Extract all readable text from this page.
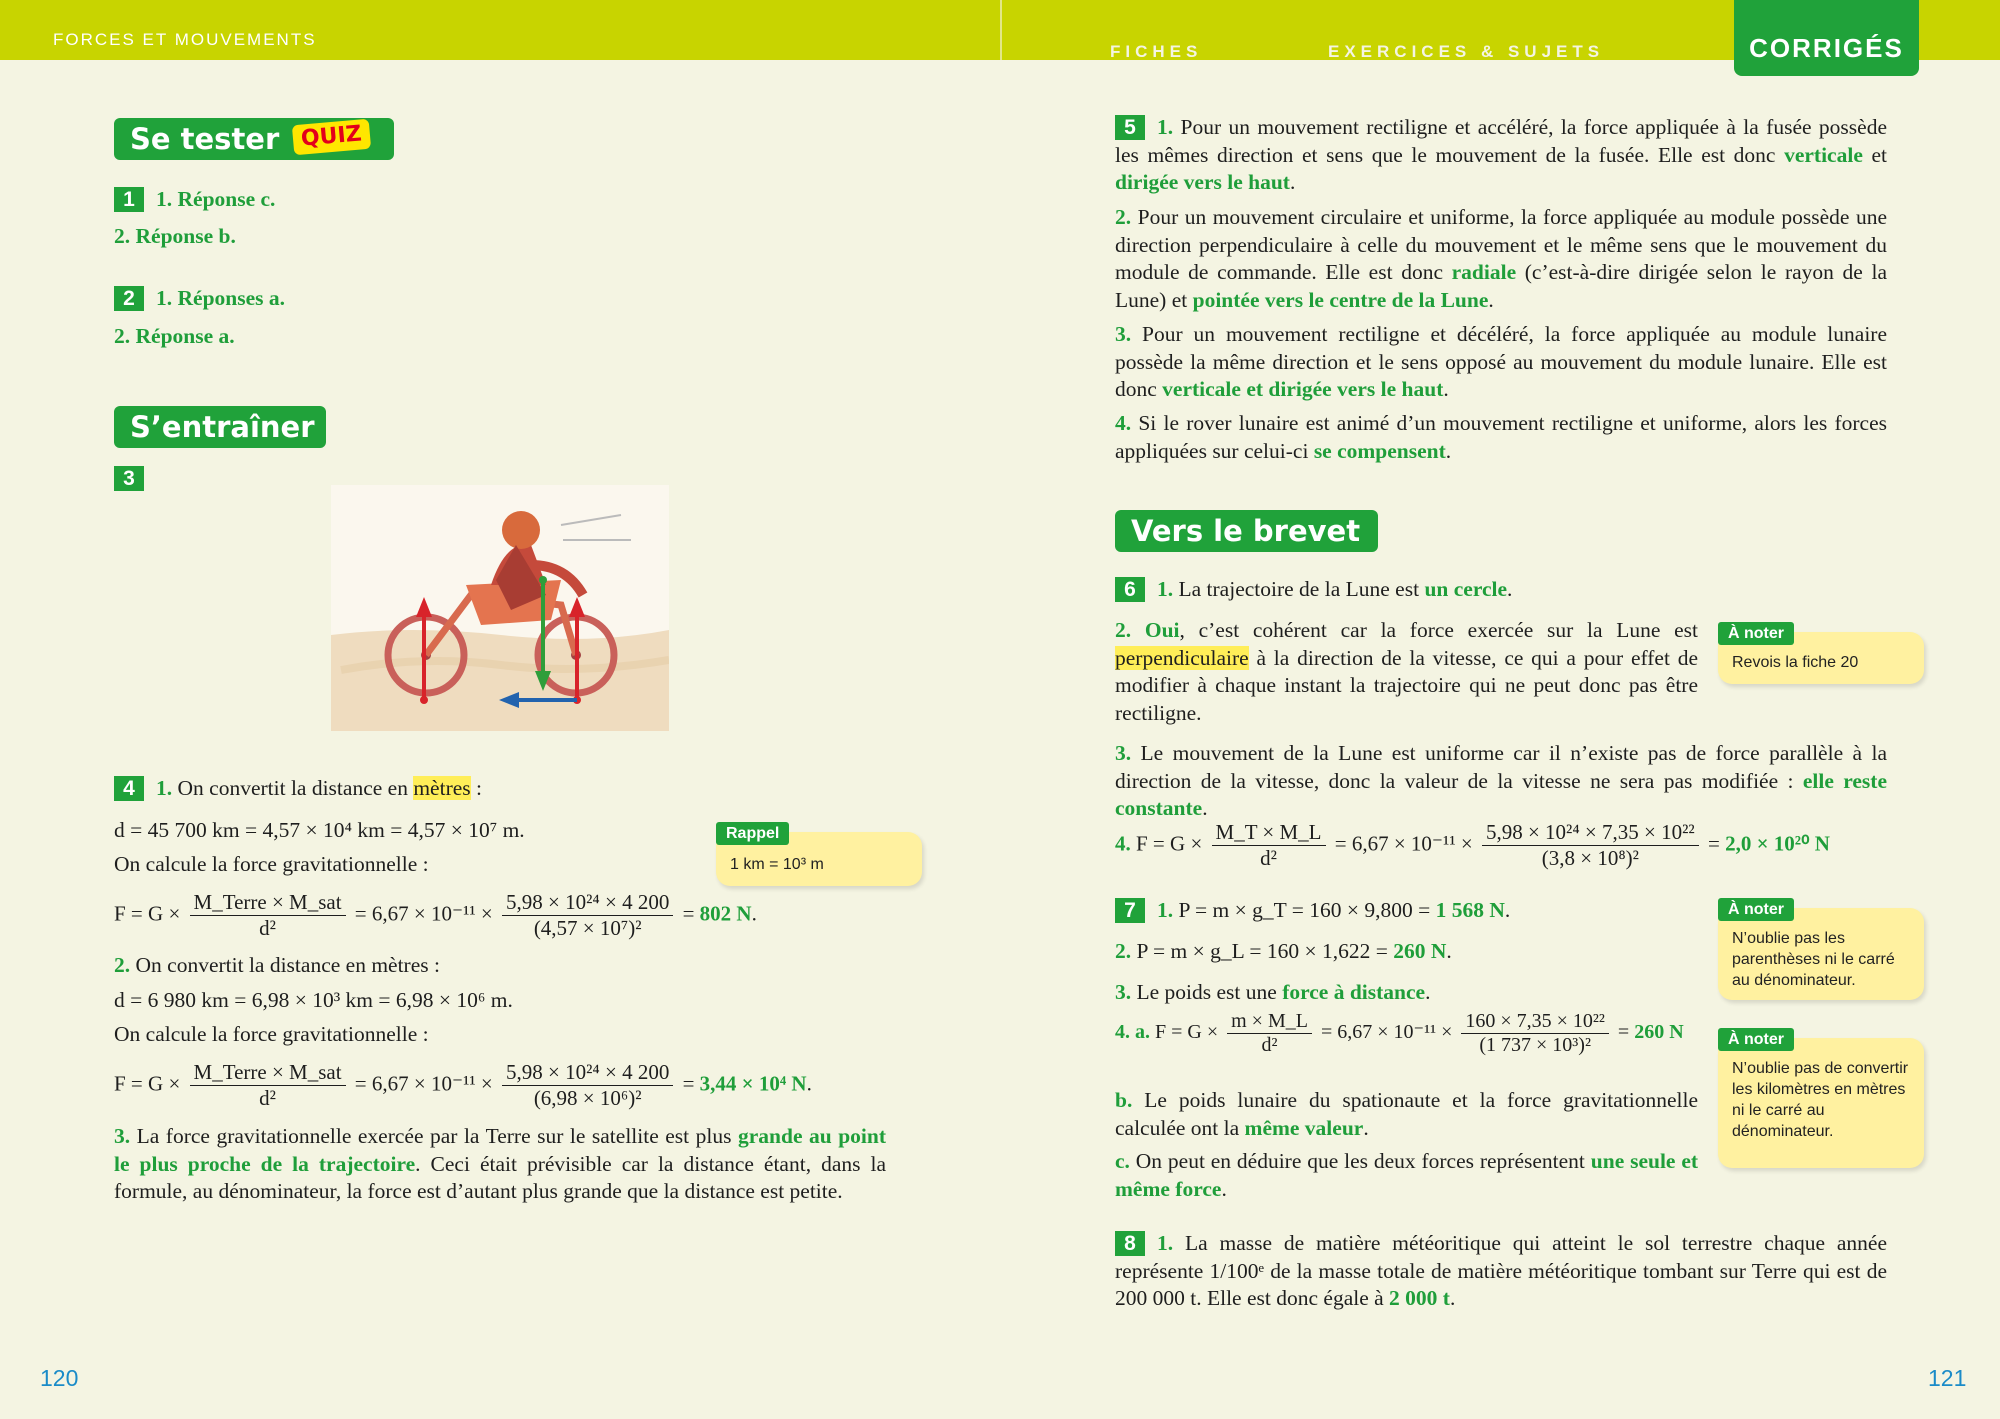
FORCES ET MOUVEMENTS
FICHES	EXERCICES & SUJETS	CORRIGÉS
Se tester QUIZ
1 1. Réponse c.
2. Réponse b.
2 1. Réponses a.
2. Réponse a.
S’entraîner
3
4 1. On convertit la distance en mètres :
d = 45 700 km = 4,57 × 10⁴ km = 4,57 × 10⁷ m.
On calcule la force gravitationnelle :
$F = G \times \frac{\text{M\_Terre × M\_sat}}{\text{d²}} = 6,67 \times 10^{-11} \times \frac{\text{5,98 × 10²⁴ × 4 200}}{\text{(4,57 × 10⁷)²}} = 802$ N.
2. On convertit la distance en mètres :
d = 6 980 km = 6,98 × 10³ km = 6,98 × 10⁶ m.
On calcule la force gravitationnelle :
$F = G \times \frac{\text{M\_Terre × M\_sat}}{\text{d²}} = 6,67 \times 10^{-11} \times \frac{\text{5,98 × 10²⁴ × 4 200}}{\text{(6,98 × 10⁶)²}} = 3,44 \times 10^4$ N.
3. La force gravitationnelle exercée par la Terre sur le satellite est plus grande au point le plus proche de la trajectoire. Ceci était prévisible car la distance étant, dans la formule, au dénominateur, la force est d’autant plus grande que la distance est petite.
Rappel
1 km = 10³ m
120
5 1. Pour un mouvement rectiligne et accéléré, la force appliquée à la fusée possède les mêmes direction et sens que le mouvement de la fusée. Elle est donc verticale et dirigée vers le haut.
2. Pour un mouvement circulaire et uniforme, la force appliquée au module possède une direction perpendiculaire à celle du mouvement et le même sens que le mouvement du module de commande. Elle est donc radiale (c’est-à-dire dirigée selon le rayon de la Lune) et pointée vers le centre de la Lune.
3. Pour un mouvement rectiligne et décéléré, la force appliquée au module lunaire possède la même direction et le sens opposé au mouvement du module lunaire. Elle est donc verticale et dirigée vers le haut.
4. Si le rover lunaire est animé d’un mouvement rectiligne et uniforme, alors les forces appliquées sur celui-ci se compensent.
Vers le brevet
6 1. La trajectoire de la Lune est un cercle.
2. Oui, c’est cohérent car la force exercée sur la Lune est perpendiculaire à la direction de la vitesse, ce qui a pour effet de modifier à chaque instant la trajectoire qui ne peut donc pas être rectiligne.
3. Le mouvement de la Lune est uniforme car il n’existe pas de force parallèle à la direction de la vitesse, donc la valeur de la vitesse ne sera pas modifiée : elle reste constante.
4. $F = G \times \frac{M\_T \times M\_L}{\text{d²}} = 6,67 \times 10^{-11} \times \frac{\text{5,98 × 10²⁴ × 7,35 × 10²²}}{\text{(3,8 × 10⁸)²}} = 2,0 \times 10^{20}$ N
7 1. P = m × g_T = 160 × 9,800 = 1 568 N.
2. P = m × g_L = 160 × 1,622 = 260 N.
3. Le poids est une force à distance.
4. a. $F = G \times \frac{m \times M\_L}{\text{d²}} = 6,67 \times 10^{-11} \times \frac{\text{160 × 7,35 × 10²²}}{\text{(1 737 × 10³)²}} = 260$ N
b. Le poids lunaire du spationaute et la force gravitationnelle calculée ont la même valeur.
c. On peut en déduire que les deux forces représentent une seule et même force.
8 1. La masse de matière météoritique qui atteint le sol terrestre chaque année représente 1/100ᵉ de la masse totale de matière météoritique tombant sur Terre qui est de 200 000 t. Elle est donc égale à 2 000 t.
À noter
Revois la fiche 20
À noter
N’oublie pas les parenthèses ni le carré au dénominateur.
À noter
N’oublie pas de convertir les kilomètres en mètres ni le carré au dénominateur.
121
